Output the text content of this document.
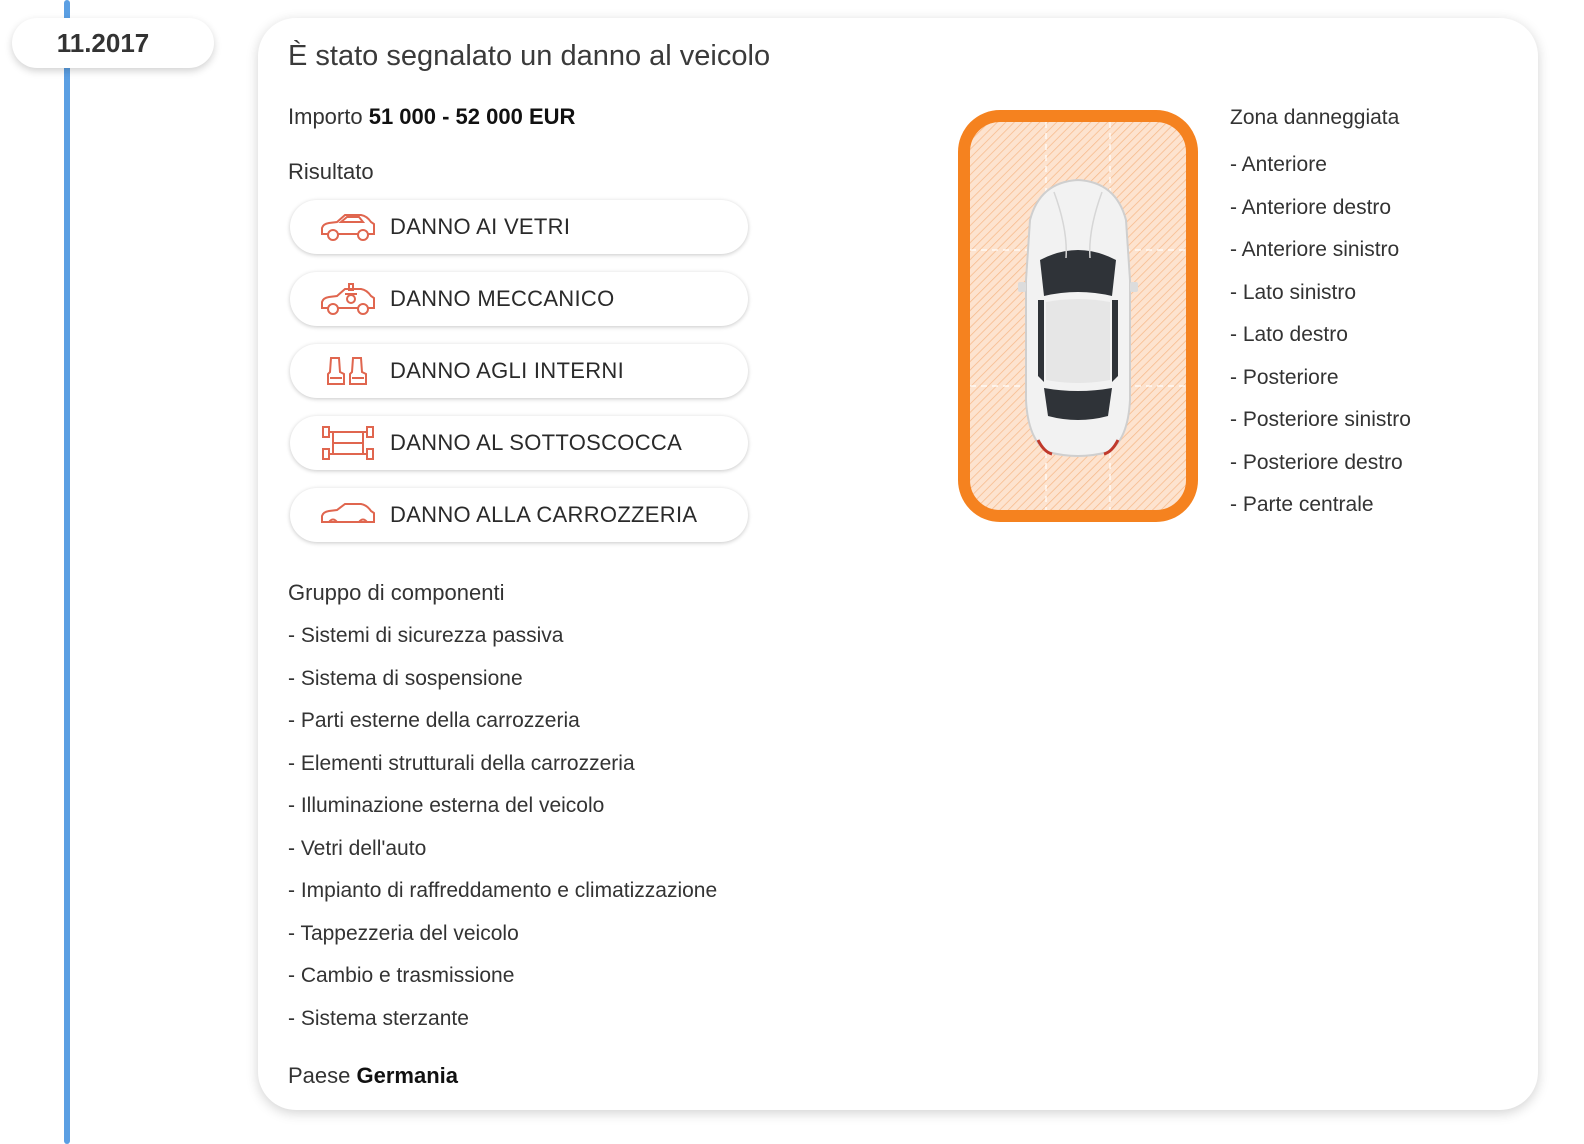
11.2017	È stato segnalato un danno al veicolo
Importo 51 000 - 52 000 EUR
Risultato
DANNO AI VETRI
DANNO MECCANICO
DANNO AGLI INTERNI
DANNO AL SOTTOSCOCCA
DANNO ALLA CARROZZERIA
Gruppo di componenti
- Sistemi di sicurezza passiva
- Sistema di sospensione
- Parti esterne della carrozzeria
- Elementi strutturali della carrozzeria
- Illuminazione esterna del veicolo
- Vetri dell'auto
- Impianto di raffreddamento e climatizzazione
- Tappezzeria del veicolo
- Cambio e trasmissione
- Sistema sterzante
Paese Germania
Zona danneggiata
- Anteriore
- Anteriore destro
- Anteriore sinistro
- Lato sinistro
- Lato destro
- Posteriore
- Posteriore sinistro
- Posteriore destro
- Parte centrale
